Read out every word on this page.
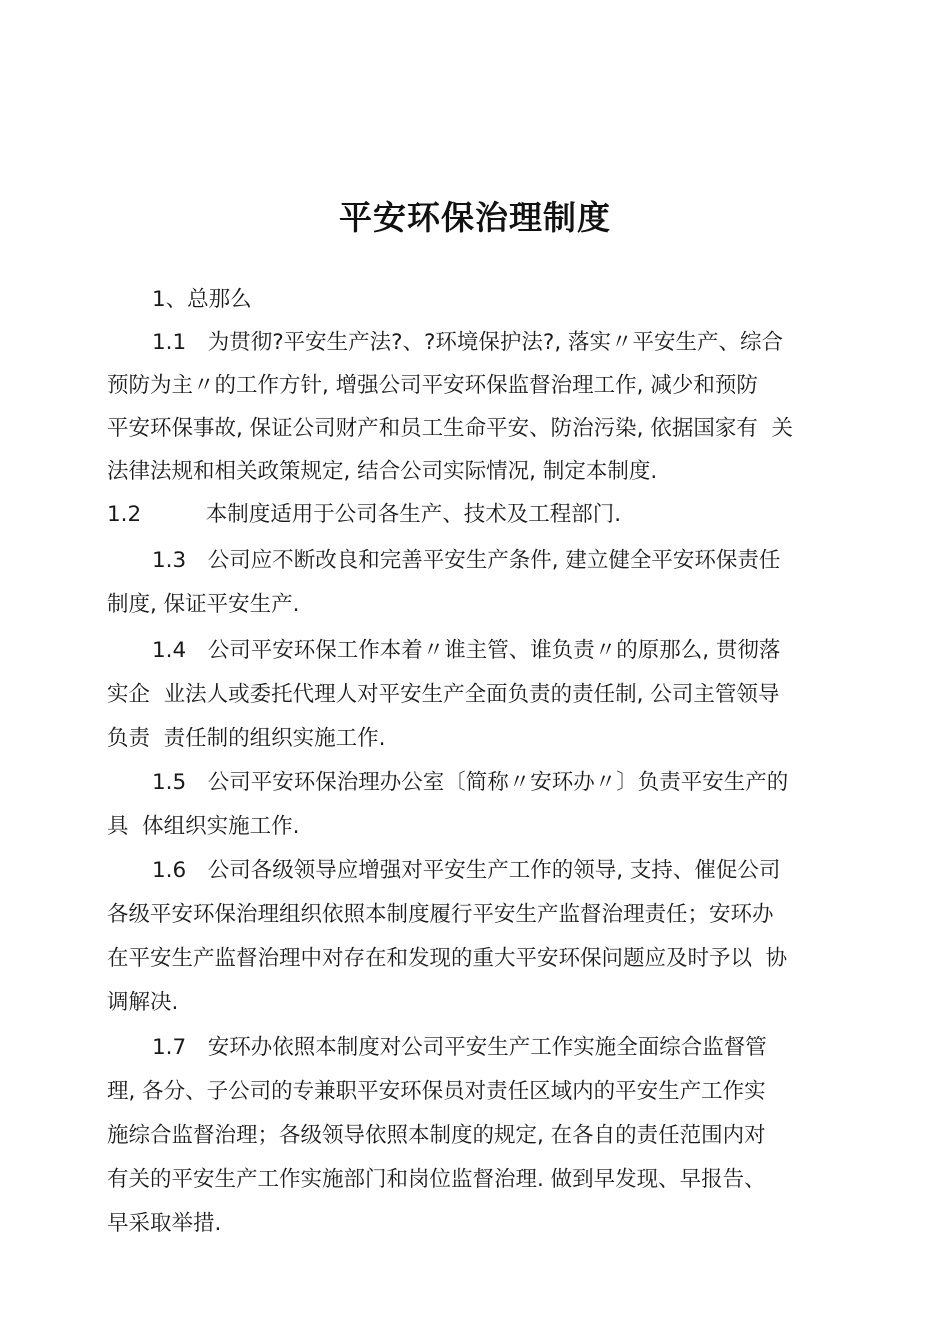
平安环保治理制度
1、总那么
1.1　为贯彻?平安生产法?、?环境保护法?, 落实〃平安生产、综合
预防为主〃的工作方针, 增强公司平安环保监督治理工作, 减少和预防
平安环保事故, 保证公司财产和员工生命平安、防治污染, 依据国家有  关
法律法规和相关政策规定, 结合公司实际情况, 制定本制度.
1.2　　　本制度适用于公司各生产、技术及工程部门.
1.3　公司应不断改良和完善平安生产条件, 建立健全平安环保责任
制度, 保证平安生产.
1.4　公司平安环保工作本着〃谁主管、谁负责〃的原那么, 贯彻落
实企  业法人或委托代理人对平安生产全面负责的责任制, 公司主管领导
负责  责任制的组织实施工作.
1.5　公司平安环保治理办公室〔简称〃安环办〃〕负责平安生产的
具  体组织实施工作.
1.6　公司各级领导应增强对平安生产工作的领导, 支持、催促公司
各级平安环保治理组织依照本制度履行平安生产监督治理责任；安环办
在平安生产监督治理中对存在和发现的重大平安环保问题应及时予以  协
调解决.
1.7　安环办依照本制度对公司平安生产工作实施全面综合监督管
理, 各分、子公司的专兼职平安环保员对责任区域内的平安生产工作实
施综合监督治理；各级领导依照本制度的规定, 在各自的责任范围内对
有关的平安生产工作实施部门和岗位监督治理. 做到早发现、早报告、
早采取举措.
